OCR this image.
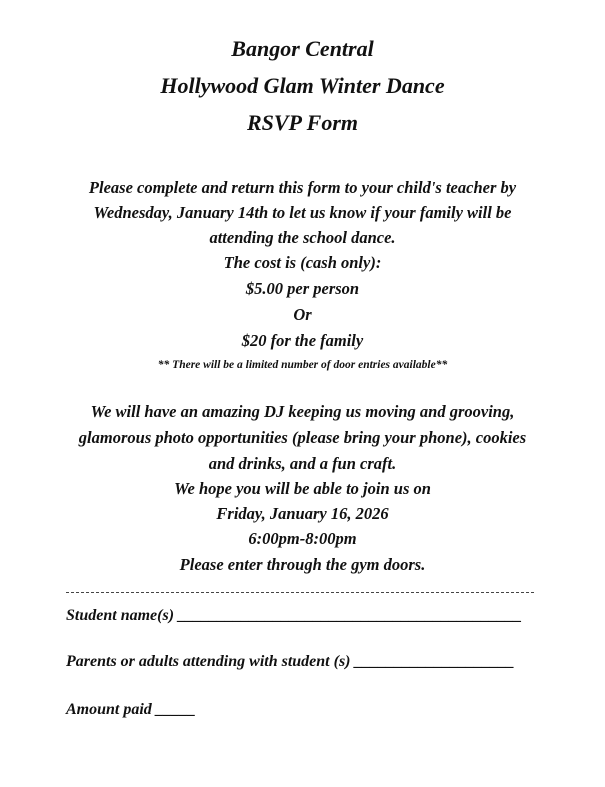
Bangor Central
Hollywood Glam Winter Dance
RSVP Form
Please complete and return this form to your child's teacher by
Wednesday, January 14th to let us know if your family will be
attending the school dance.
The cost is (cash only):
$5.00 per person
Or
$20 for the family
** There will be a limited number of door entries available**
We will have an amazing DJ keeping us moving and grooving,
glamorous photo opportunities (please bring your phone), cookies
and drinks, and a fun craft.
We hope you will be able to join us on
Friday, January 16, 2026
6:00pm-8:00pm
Please enter through the gym doors.
Student name(s) ___________________________________________
Parents or adults attending with student (s) ____________________
Amount paid _____
